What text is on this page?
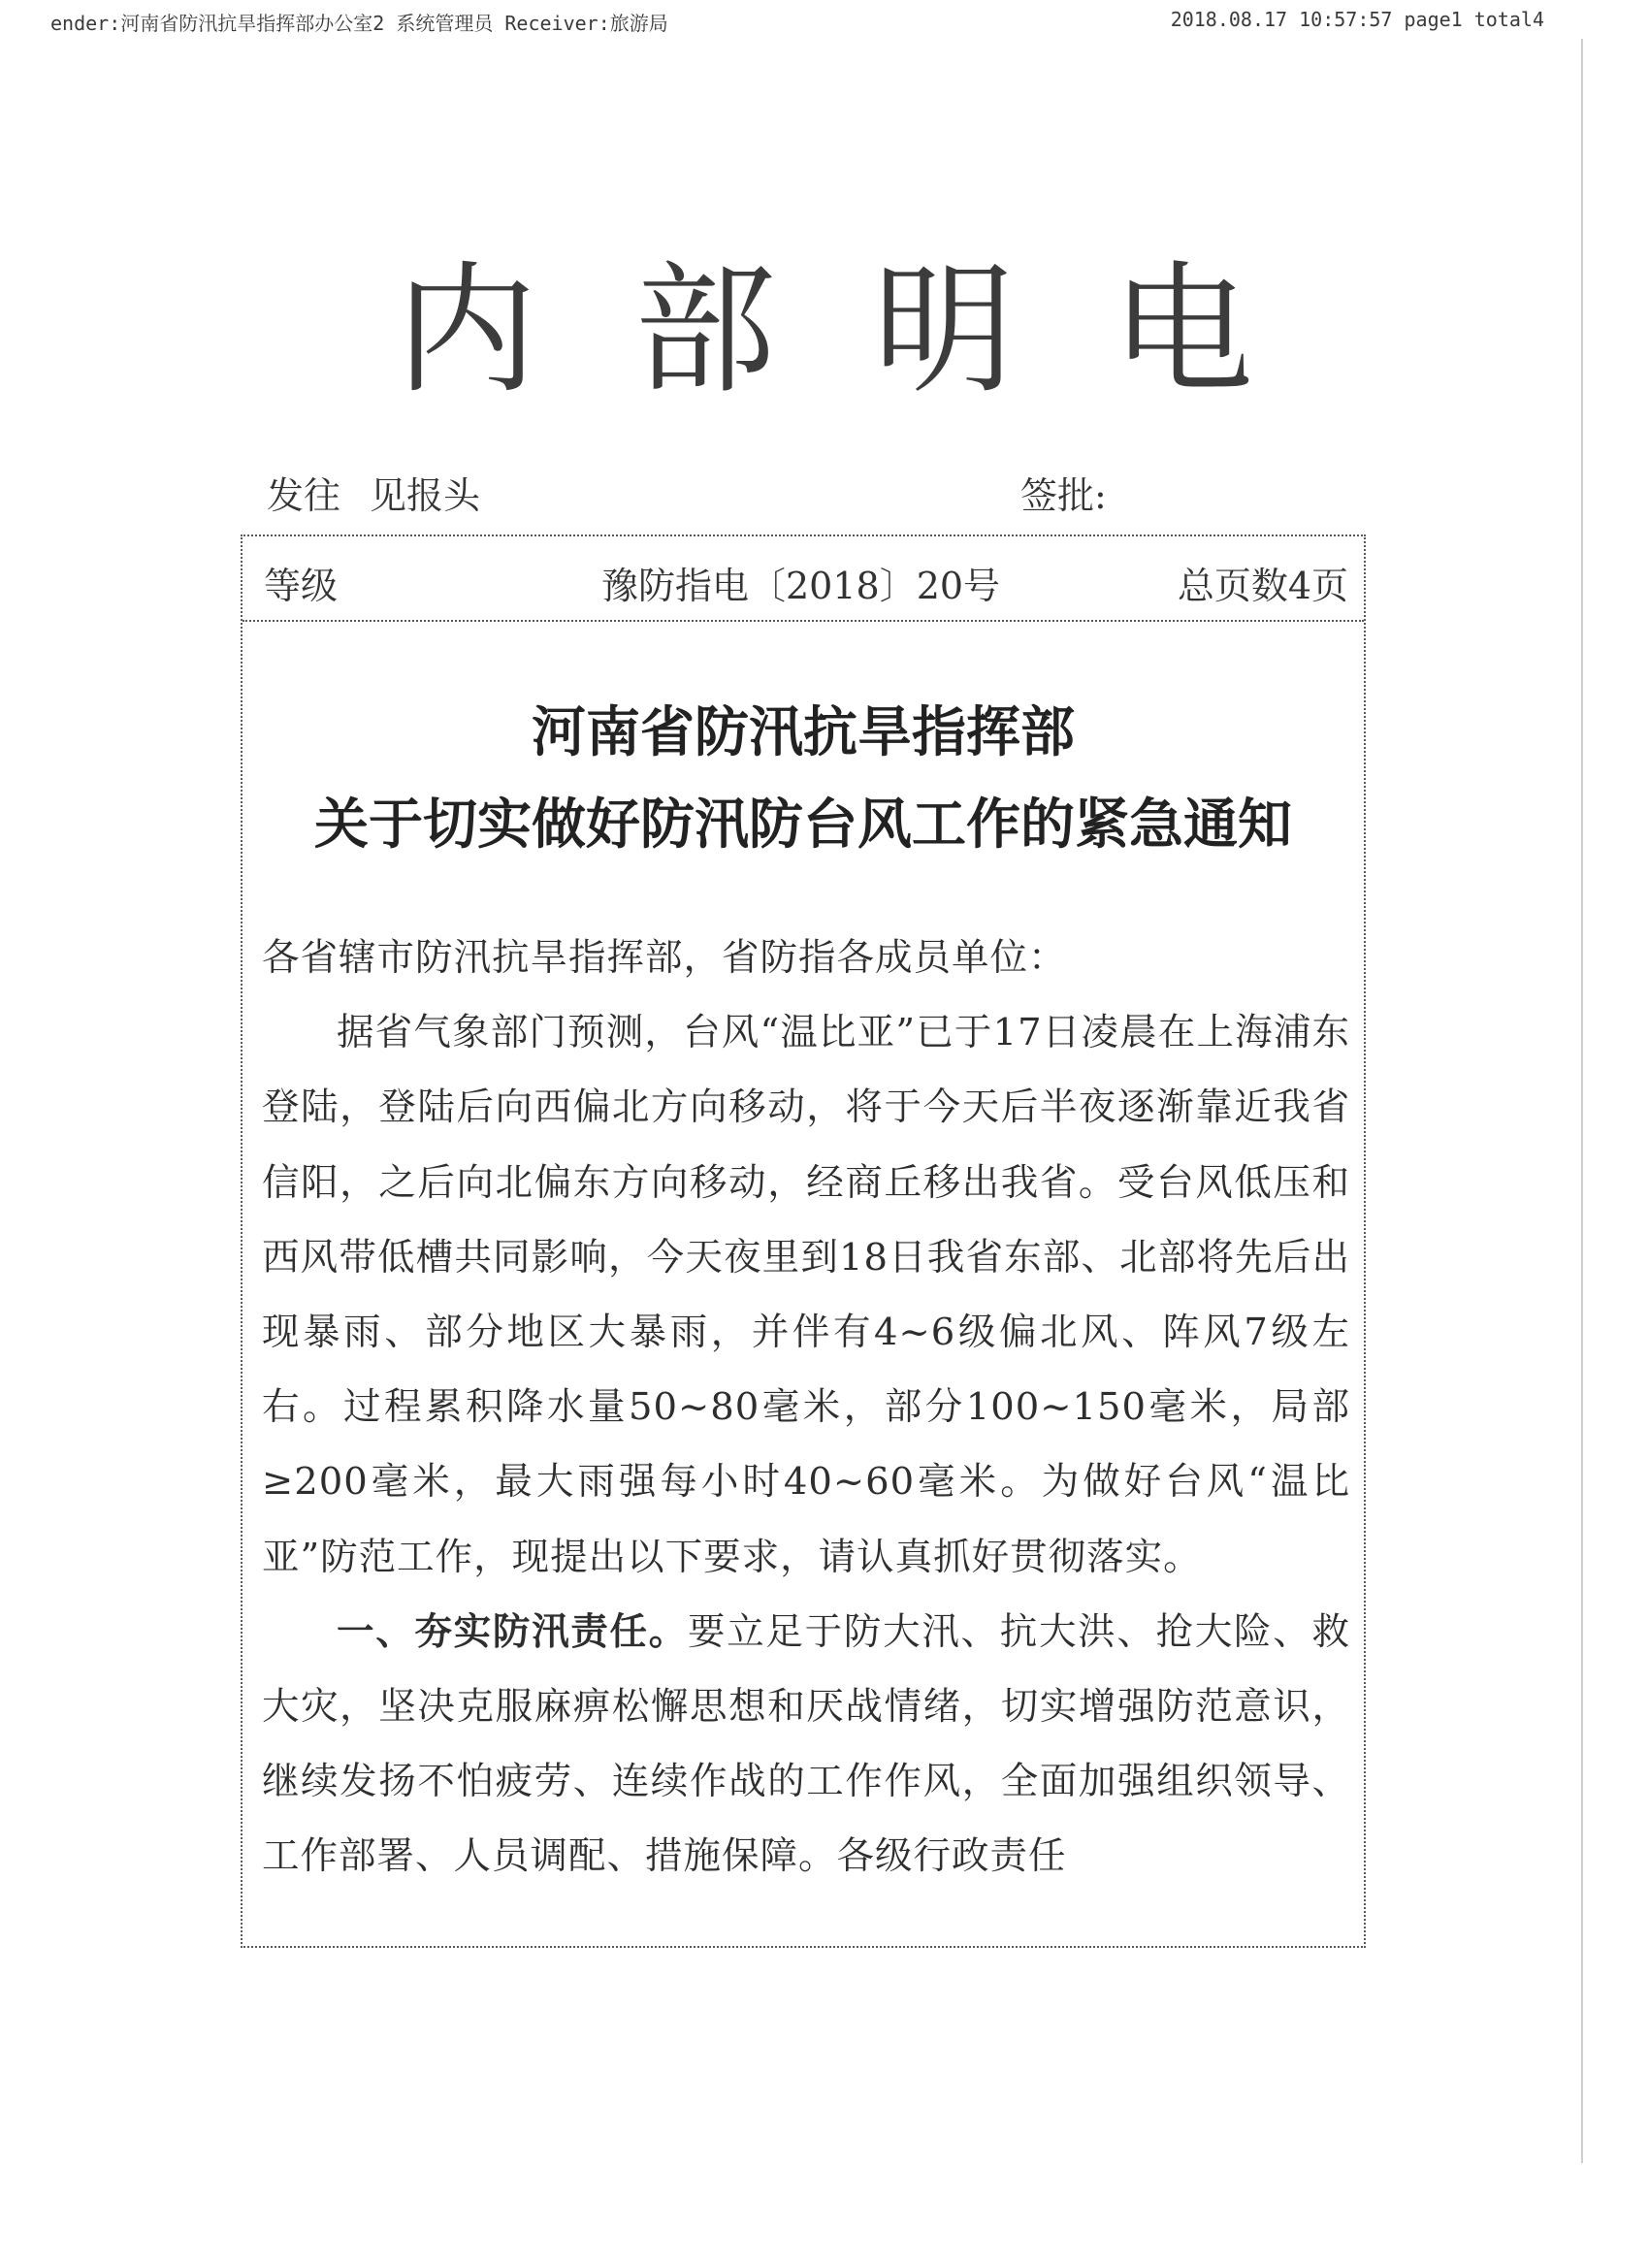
ender:河南省防汛抗旱指挥部办公室2 系统管理员 Receiver:旅游局	2018.08.17 10:57:57 page1 total4
内部明电
发往 见报头	签批:
等级	豫防指电〔2018〕20号	总页数4页
河南省防汛抗旱指挥部
关于切实做好防汛防台风工作的紧急通知

各省辖市防汛抗旱指挥部，省防指各成员单位：

据省气象部门预测，台风“温比亚”已于17日凌晨在上海浦东登陆，登陆后向西偏北方向移动，将于今天后半夜逐渐靠近我省信阳，之后向北偏东方向移动，经商丘移出我省。受台风低压和西风带低槽共同影响，今天夜里到18日我省东部、北部将先后出现暴雨、部分地区大暴雨，并伴有4~6级偏北风、阵风7级左右。过程累积降水量50~80毫米，部分100~150毫米，局部≥200毫米，最大雨强每小时40~60毫米。为做好台风“温比亚”防范工作，现提出以下要求，请认真抓好贯彻落实。

一、夯实防汛责任。要立足于防大汛、抗大洪、抢大险、救大灾，坚决克服麻痹松懈思想和厌战情绪，切实增强防范意识，继续发扬不怕疲劳、连续作战的工作作风，全面加强组织领导、工作部署、人员调配、措施保障。各级行政责任
